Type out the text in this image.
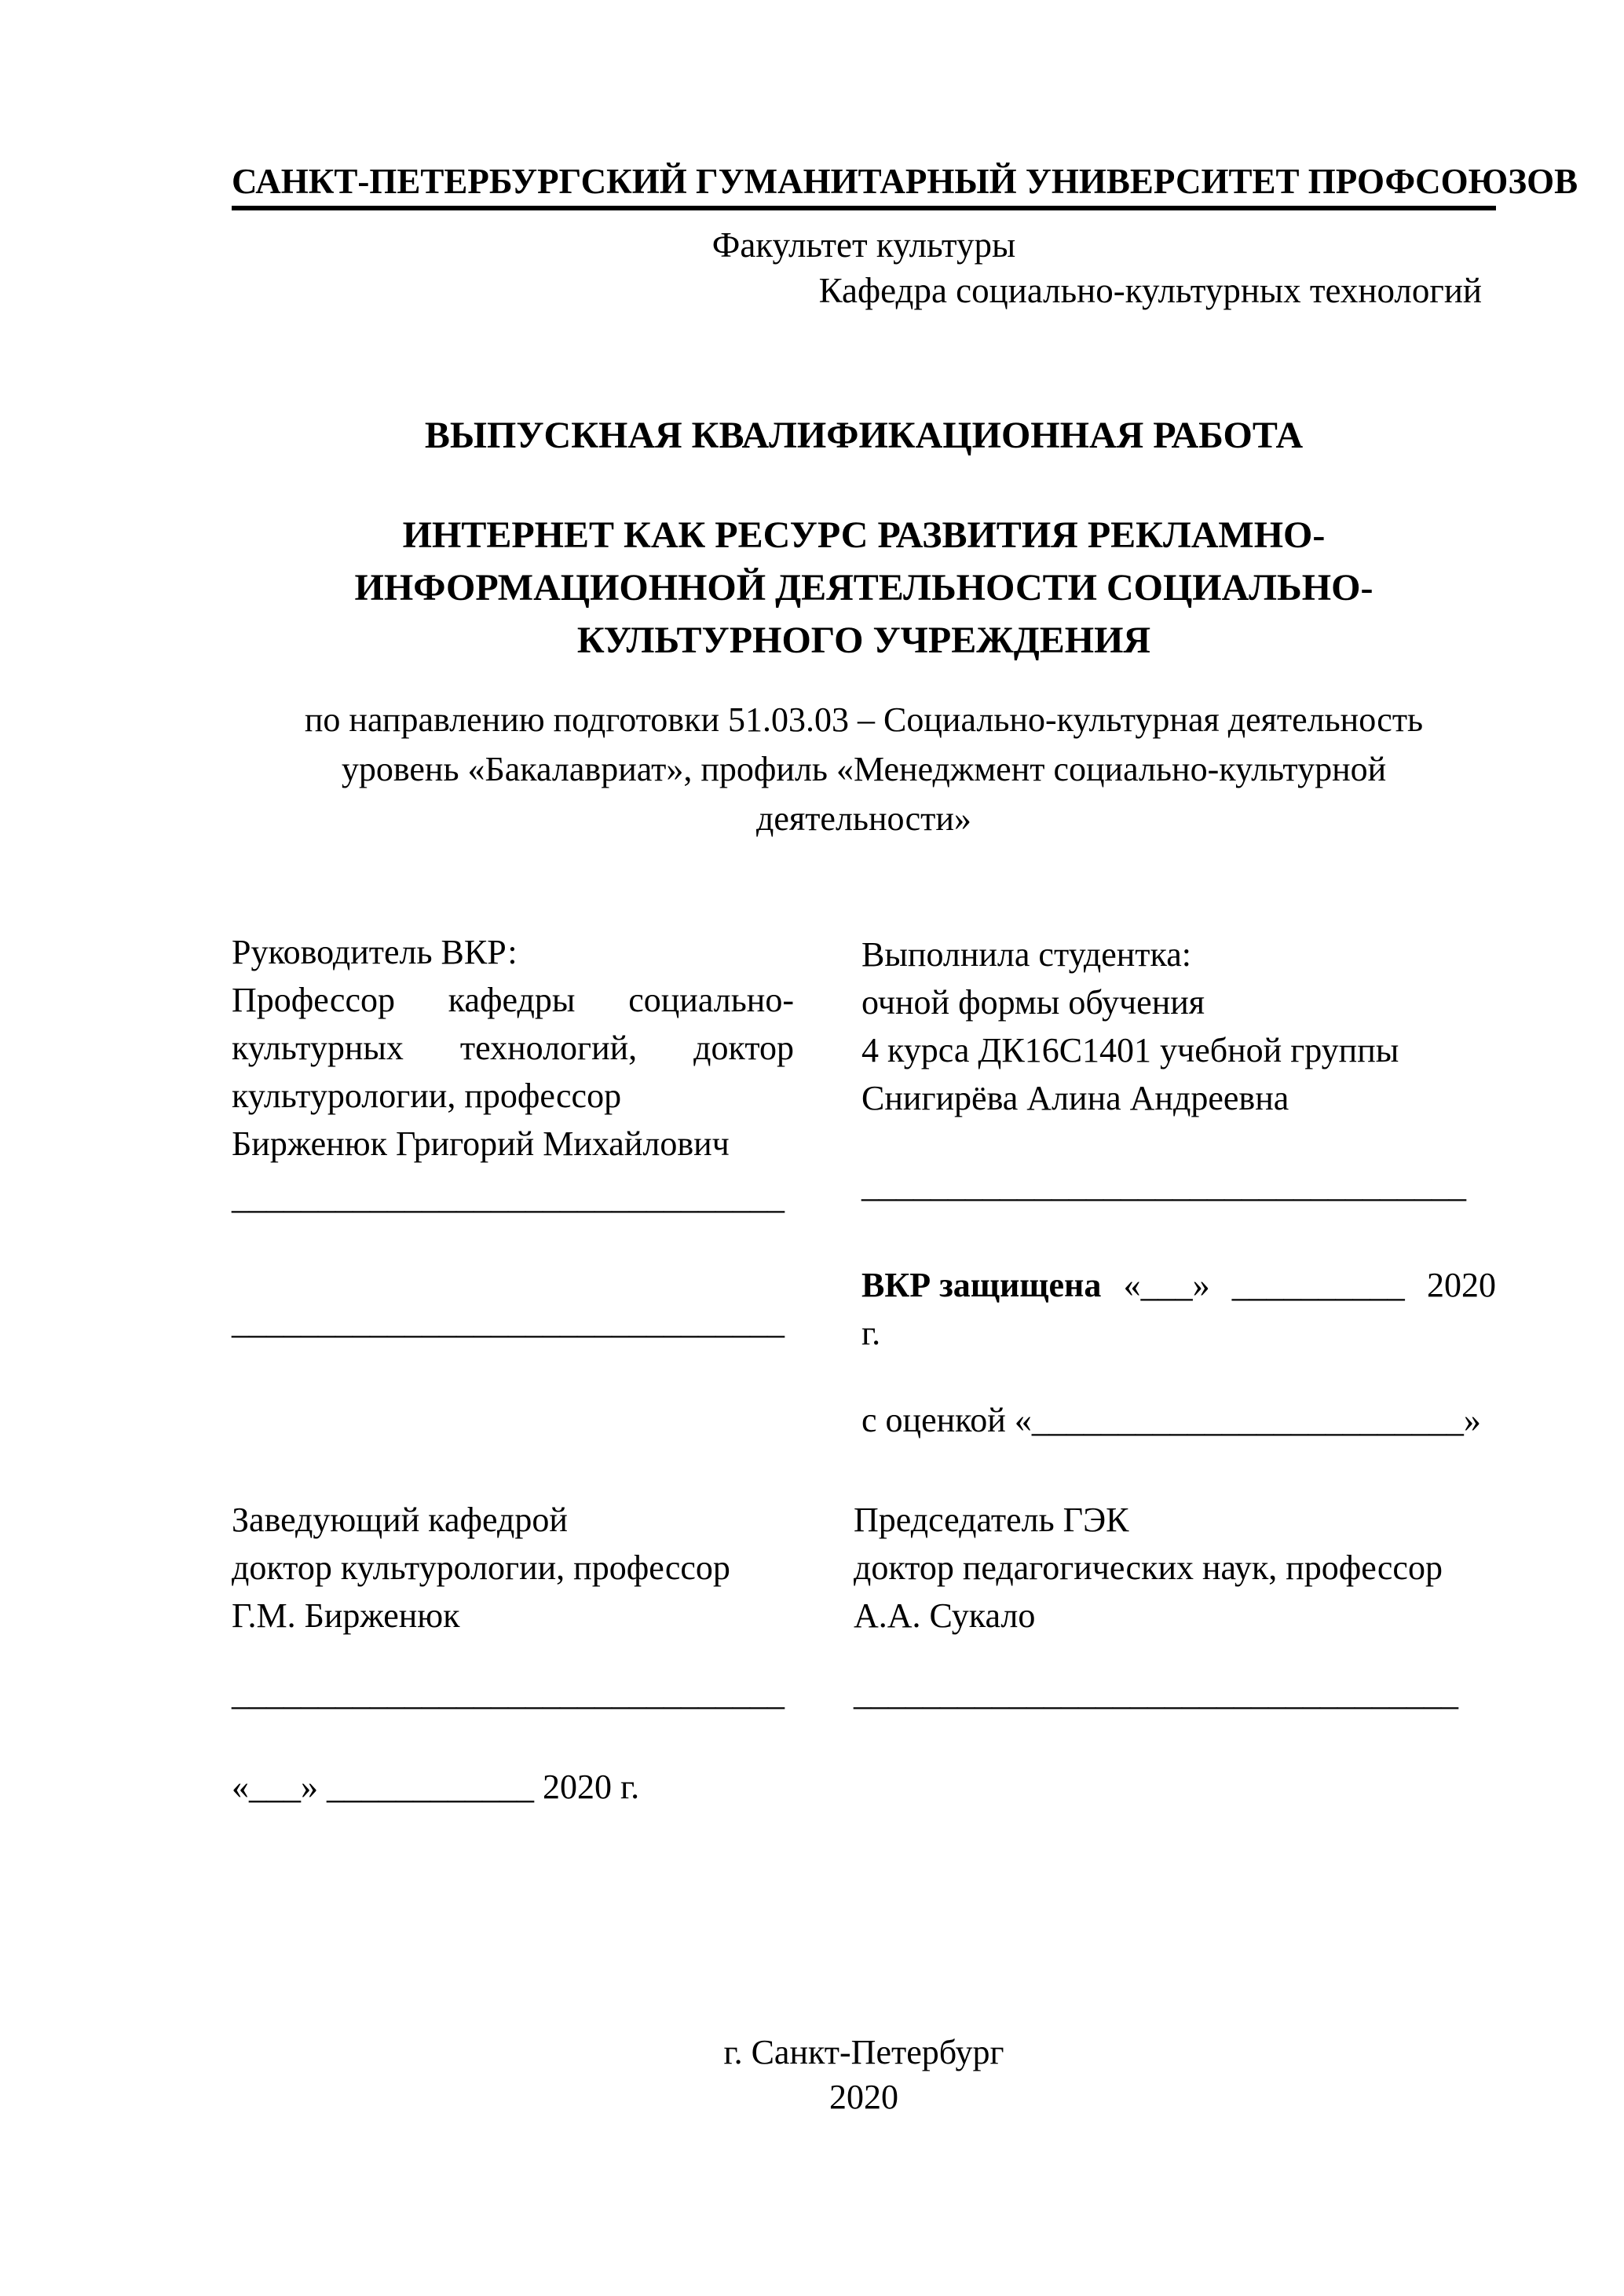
САНКТ-ПЕТЕРБУРГСКИЙ ГУМАНИТАРНЫЙ УНИВЕРСИТЕТ ПРОФСОЮЗОВ
Факультет культуры
Кафедра социально-культурных технологий
ВЫПУСКНАЯ КВАЛИФИКАЦИОННАЯ РАБОТА
ИНТЕРНЕТ КАК РЕСУРС РАЗВИТИЯ РЕКЛАМНО-
ИНФОРМАЦИОННОЙ ДЕЯТЕЛЬНОСТИ СОЦИАЛЬНО-
КУЛЬТУРНОГО УЧРЕЖДЕНИЯ
по направлению подготовки 51.03.03 – Социально-культурная деятельность
уровень «Бакалавриат», профиль «Менеджмент социально-культурной
деятельности»
Руководитель ВКР:
Профессор кафедры социально-
культурных технологий, доктор
культурологии, профессор
Бирженюк Григорий Михайлович
Выполнила студентка:
очной формы обучения
4 курса ДК16С1401 учебной группы
Снигирёва Алина Андреевна
___________________________________
________________________________
________________________________
ВКР защищена «___» __________ 2020
г.
с оценкой «_________________________»
Заведующий кафедрой
доктор культурологии, профессор
Г.М. Бирженюк
Председатель ГЭК
доктор педагогических наук, профессор
А.А. Сукало
________________________________ ___________________________________
«___» ____________ 2020 г.
г. Санкт-Петербург
2020
